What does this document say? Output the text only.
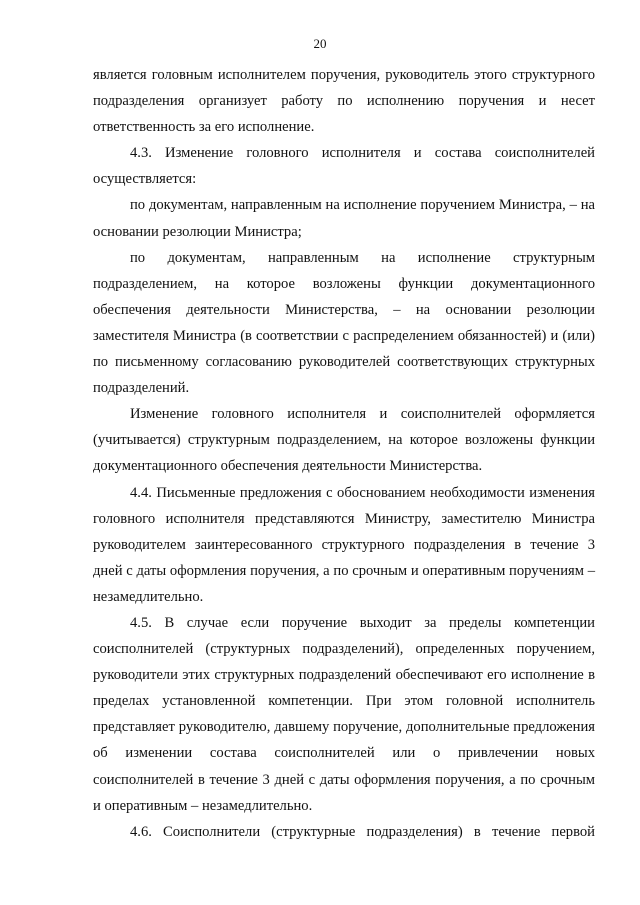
20

является головным исполнителем поручения, руководитель этого структурного подразделения организует работу по исполнению поручения и несет ответственность за его исполнение.

4.3. Изменение головного исполнителя и состава соисполнителей осуществляется:

по документам, направленным на исполнение поручением Министра, – на основании резолюции Министра;

по документам, направленным на исполнение структурным подразделением, на которое возложены функции документационного обеспечения деятельности Министерства, – на основании резолюции заместителя Министра (в соответствии с распределением обязанностей) и (или) по письменному согласованию руководителей соответствующих структурных подразделений.

Изменение головного исполнителя и соисполнителей оформляется (учитывается) структурным подразделением, на которое возложены функции документационного обеспечения деятельности Министерства.

4.4. Письменные предложения с обоснованием необходимости изменения головного исполнителя представляются Министру, заместителю Министра руководителем заинтересованного структурного подразделения в течение 3 дней с даты оформления поручения, а по срочным и оперативным поручениям – незамедлительно.

4.5. В случае если поручение выходит за пределы компетенции соисполнителей (структурных подразделений), определенных поручением, руководители этих структурных подразделений обеспечивают его исполнение в пределах установленной компетенции. При этом головной исполнитель представляет руководителю, давшему поручение, дополнительные предложения об изменении состава соисполнителей или о привлечении новых соисполнителей в течение 3 дней с даты оформления поручения, а по срочным и оперативным – незамедлительно.

4.6. Соисполнители (структурные подразделения) в течение первой
